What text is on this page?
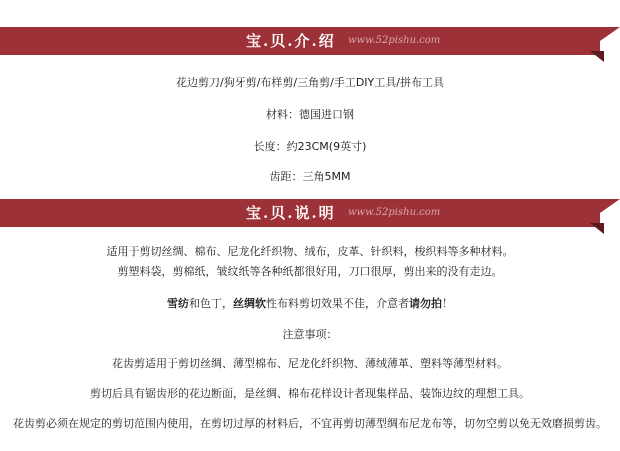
宝.贝.介.绍 www.52pishu.com
花边剪刀/狗牙剪/布样剪/三角剪/手工DIY工具/拼布工具
材料：德国进口钢
长度：约23CM(9英寸)
齿距：三角5MM
宝.贝.说.明 www.52pishu.com
适用于剪切丝绸、棉布、尼龙化纤织物、绒布，皮革、针织料，梭织料等多种材料。
剪塑料袋，剪棉纸，皱纹纸等各种纸都很好用，刀口很厚，剪出来的没有走边。
雪纺和色丁，丝绸软性布料剪切效果不佳，介意者请勿拍！
注意事项：
花齿剪适用于剪切丝绸、薄型棉布、尼龙化纤织物、薄绒薄革、塑料等薄型材料。
剪切后具有锯齿形的花边断面，是丝绸、棉布花样设计者现集样品、装饰边纹的理想工具。
花齿剪必须在规定的剪切范围内使用，在剪切过厚的材料后，不宜再剪切薄型绸布尼龙布等，切勿空剪以免无效磨损剪齿。
